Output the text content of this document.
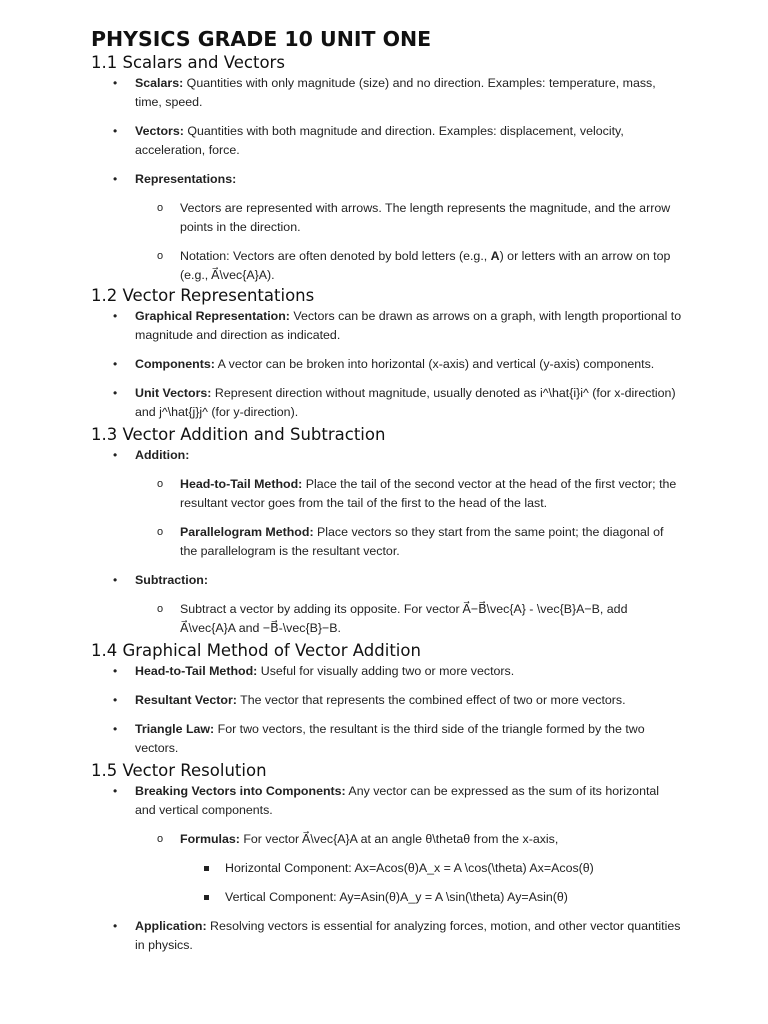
PHYSICS GRADE 10 UNIT ONE
1.1 Scalars and Vectors
• Scalars: Quantities with only magnitude (size) and no direction. Examples: temperature, mass, time, speed.
• Vectors: Quantities with both magnitude and direction. Examples: displacement, velocity, acceleration, force.
• Representations:
o Vectors are represented with arrows. The length represents the magnitude, and the arrow points in the direction.
o Notation: Vectors are often denoted by bold letters (e.g., A) or letters with an arrow on top (e.g., A⃗\vec{A}A).
1.2 Vector Representations
• Graphical Representation: Vectors can be drawn as arrows on a graph, with length proportional to magnitude and direction as indicated.
• Components: A vector can be broken into horizontal (x-axis) and vertical (y-axis) components.
• Unit Vectors: Represent direction without magnitude, usually denoted as i^\hat{i}i^ (for x-direction) and j^\hat{j}j^ (for y-direction).
1.3 Vector Addition and Subtraction
• Addition:
o Head-to-Tail Method: Place the tail of the second vector at the head of the first vector; the resultant vector goes from the tail of the first to the head of the last.
o Parallelogram Method: Place vectors so they start from the same point; the diagonal of the parallelogram is the resultant vector.
• Subtraction:
o Subtract a vector by adding its opposite. For vector A⃗−B⃗\vec{A} - \vec{B}A−B, add A⃗\vec{A}A and −B⃗-\vec{B}−B.
1.4 Graphical Method of Vector Addition
• Head-to-Tail Method: Useful for visually adding two or more vectors.
• Resultant Vector: The vector that represents the combined effect of two or more vectors.
• Triangle Law: For two vectors, the resultant is the third side of the triangle formed by the two vectors.
1.5 Vector Resolution
• Breaking Vectors into Components: Any vector can be expressed as the sum of its horizontal and vertical components.
o Formulas: For vector A⃗\vec{A}A at an angle θ\thetaθ from the x-axis,
Horizontal Component: Ax=Acos(θ)A_x = A \cos(\theta) Ax=Acos(θ)
Vertical Component: Ay=Asin(θ)A_y = A \sin(\theta) Ay=Asin(θ)
• Application: Resolving vectors is essential for analyzing forces, motion, and other vector quantities in physics.
